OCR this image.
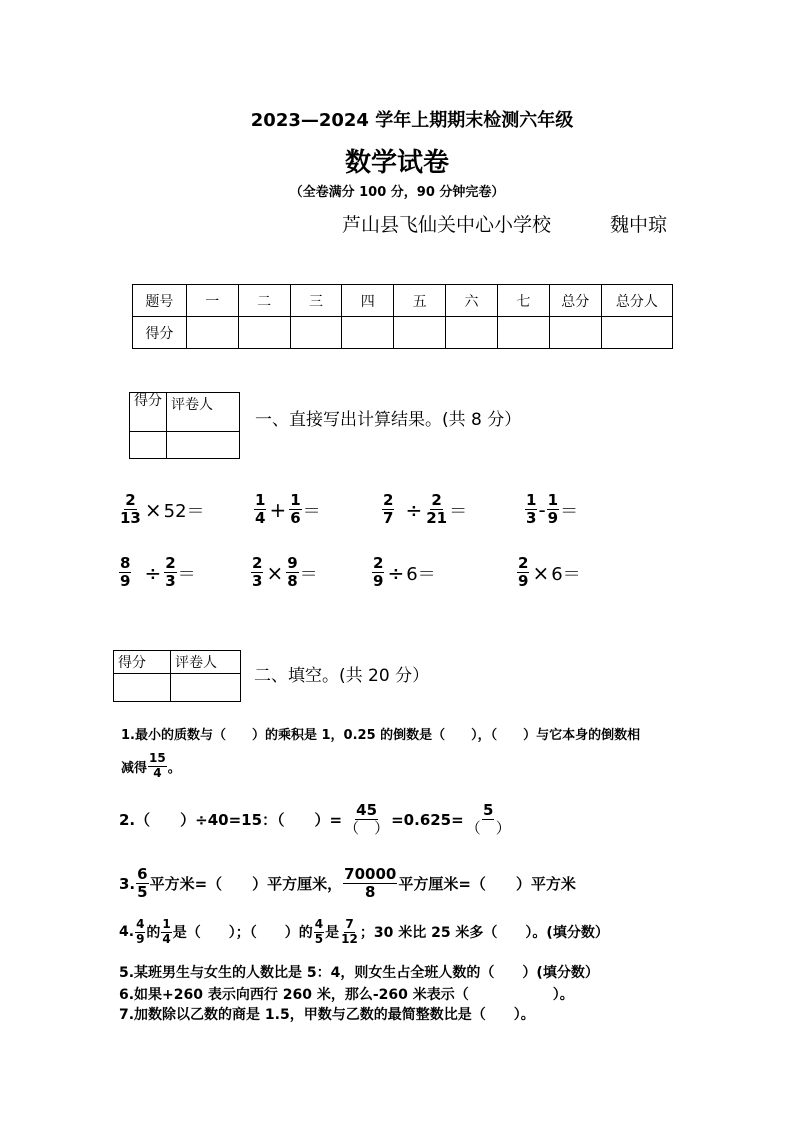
2023—2024 学年上期期末检测六年级
数学试卷
（全卷满分 100 分，90 分钟完卷）
芦山县飞仙关中心小学校	魏中琼
题号	一	二	三	四	五	六	七	总分	总分人
得分									
得分	评卷人

一、直接写出计算结果。(共 8 分）
$\frac{2}{13} \times 52=$	$\frac{1}{4} + \frac{1}{6}$ ＝	$\frac{2}{7} \div \frac{2}{21}$ ＝	$\frac{1}{3} - \frac{1}{9}$ ＝
$\frac{8}{9} \div \frac{2}{3}$ ＝	$\frac{2}{3} \times \frac{9}{8}$ ＝	$\frac{2}{9} \div 6=$	$\frac{2}{9} \times 6=$
得分	评卷人

二、填空。(共 20 分）
1.最小的质数与（　　）的乘积是 1，0.25 的倒数是（　　），（　　）与它本身的倒数相
减得 $\frac{15}{4}$ 。
2.（　　）÷40=15：（　　）= $\frac{45}{( )} =0.625= \frac{5}{( )}$
3. $\frac{6}{5}$ 平方米=（　　）平方厘米， $\frac{70000}{8}$ 平方厘米=（　　）平方米
4. $\frac{4}{9}$ 的 $\frac{1}{4}$ 是（　　）；（　　）的 $\frac{4}{5}$ 是 $\frac{7}{12}$ ；30 米比 25 米多（　　）。(填分数）
5.某班男生与女生的人数比是 5：4，则女生占全班人数的（　　）(填分数）
6.如果+260 表示向西行 260 米，那么-260 米表示（　　　　　　）。
7.加数除以乙数的商是 1.5，甲数与乙数的最简整数比是（　　）。
